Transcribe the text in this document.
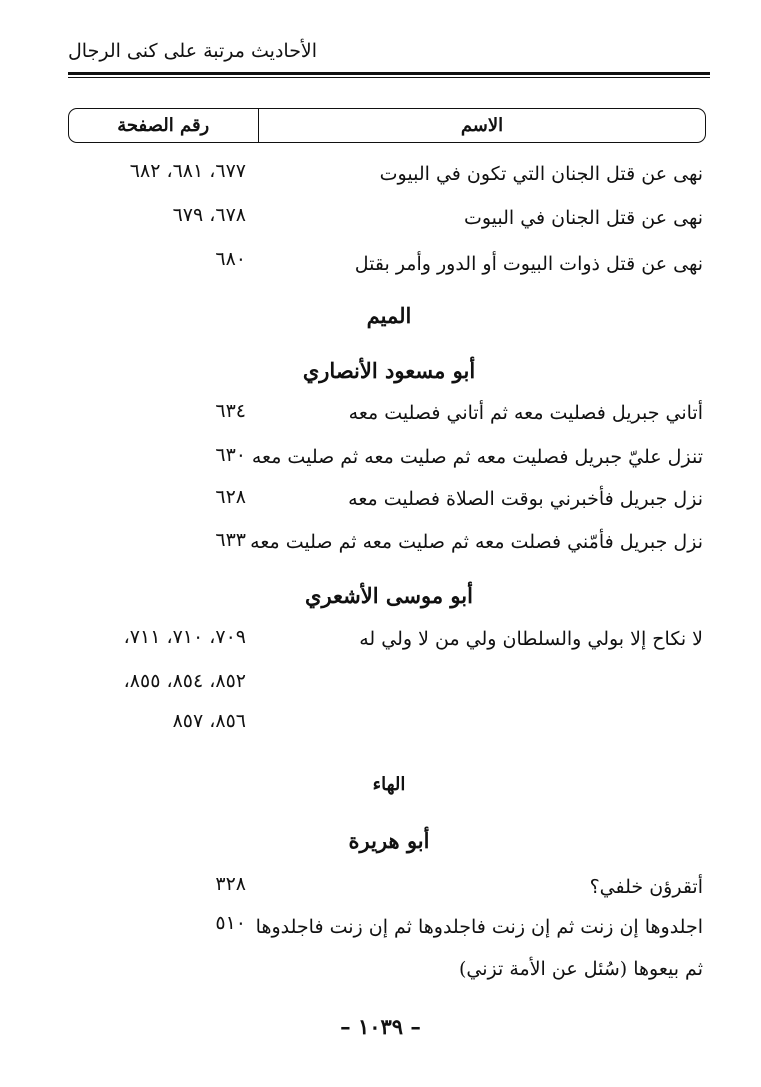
الأحاديث مرتبة على كنى الرجال
الاسم
رقم الصفحة
نهى عن قتل الجنان التي تكون في البيوت
٦٧٧، ٦٨١، ٦٨٢
نهى عن قتل الجنان في البيوت
٦٧٨، ٦٧٩
نهى عن قتل ذوات البيوت أو الدور وأمر بقتل
٦٨٠
الميم
أبو مسعود الأنصاري
أتاني جبريل فصليت معه ثم أتاني فصليت معه
٦٣٤
تنزل عليّ جبريل فصليت معه ثم صليت معه ثم صليت معه
٦٣٠
نزل جبريل فأخبرني بوقت الصلاة فصليت معه
٦٢٨
نزل جبريل فأمّني فصلت معه ثم صليت معه ثم صليت معه
٦٣٣
أبو موسى الأشعري
لا نكاح إلا بولي والسلطان ولي من لا ولي له
٧٠٩، ٧١٠، ٧١١،
٨٥٢، ٨٥٤، ٨٥٥،
٨٥٦، ٨٥٧
الهاء
أبو هريرة
أتقرؤن خلفي؟
٣٢٨
اجلدوها إن زنت ثم إن زنت فاجلدوها ثم إن زنت فاجلدوها
٥١٠
ثم بيعوها (سُئل عن الأمة تزني)
– ١٠٣٩ –
